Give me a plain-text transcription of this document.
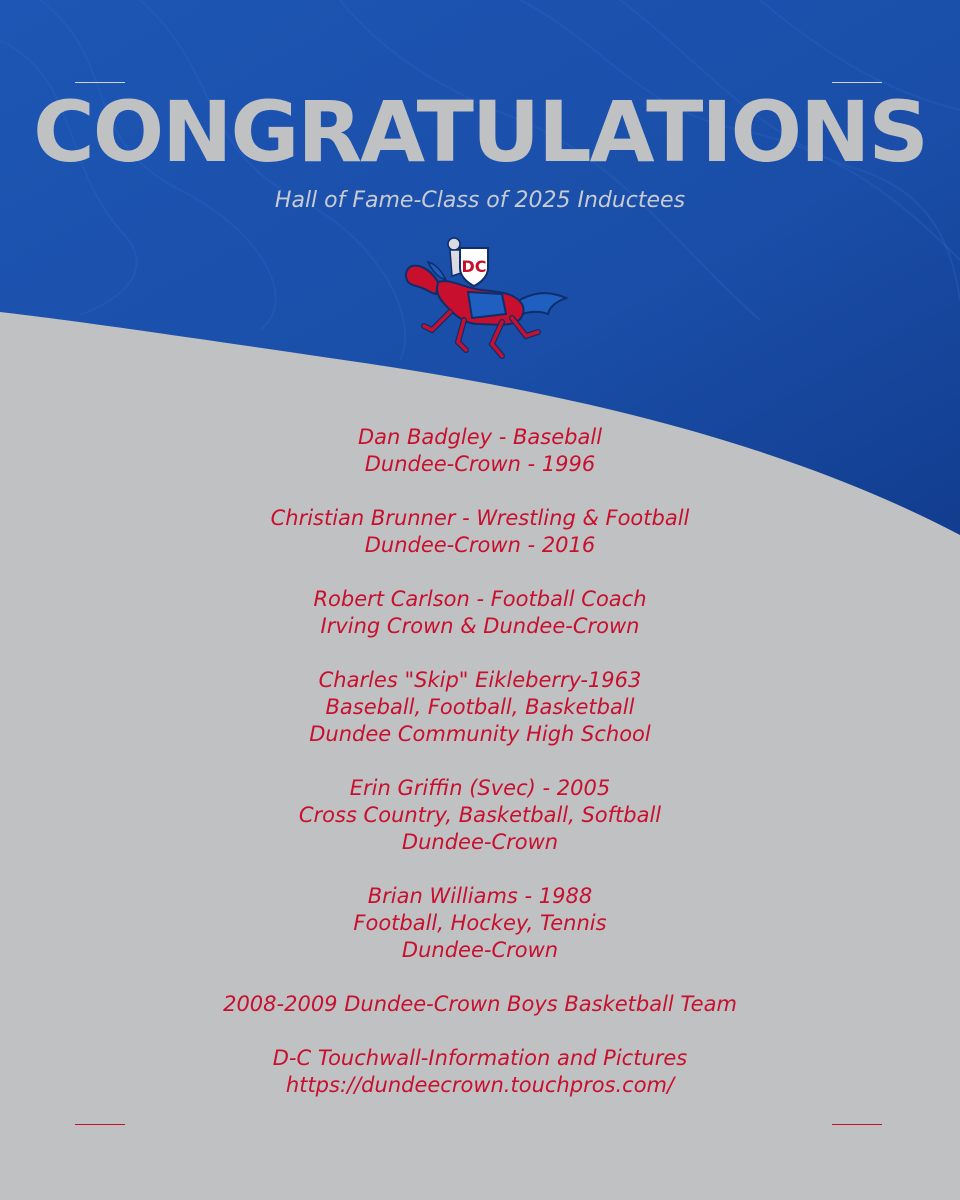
CONGRATULATIONS
Hall of Fame-Class of 2025 Inductees
DC
Dan Badgley - Baseball
Dundee-Crown - 1996
Christian Brunner - Wrestling & Football
Dundee-Crown - 2016
Robert Carlson - Football Coach
Irving Crown & Dundee-Crown
Charles "Skip" Eikleberry-1963
Baseball, Football, Basketball
Dundee Community High School
Erin Griffin (Svec) - 2005
Cross Country, Basketball, Softball
Dundee-Crown
Brian Williams - 1988
Football, Hockey, Tennis
Dundee-Crown
2008-2009 Dundee-Crown Boys Basketball Team
D-C Touchwall-Information and Pictures
https://dundeecrown.touchpros.com/
